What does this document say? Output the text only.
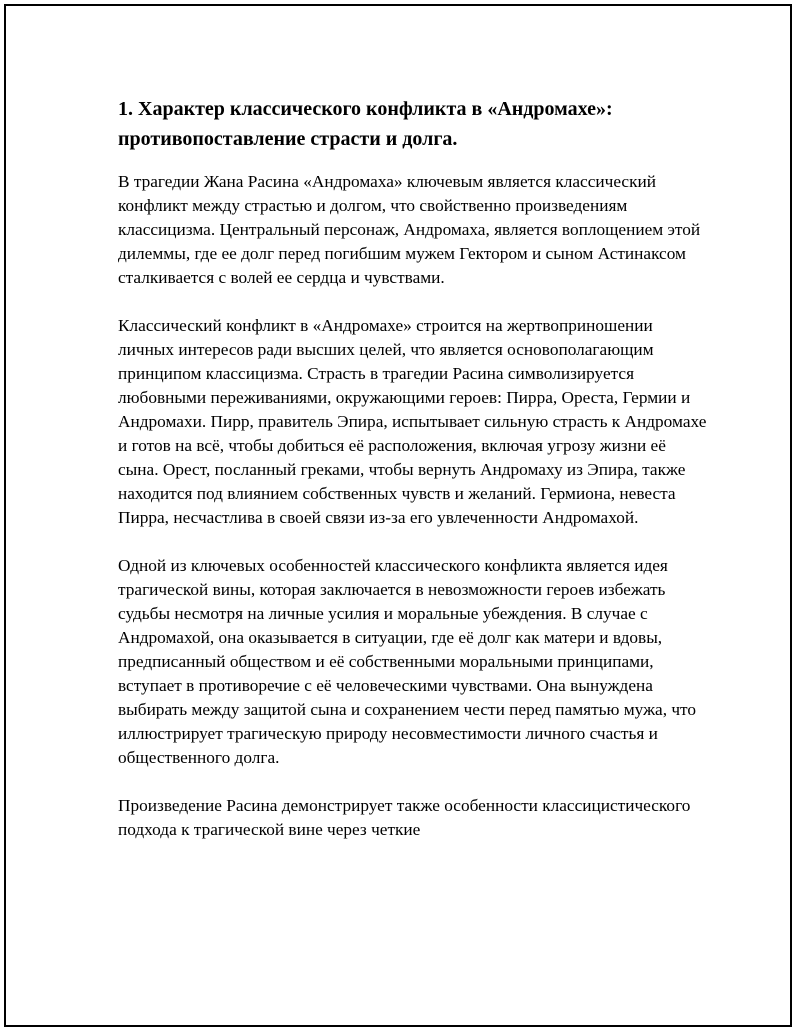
1. Характер классического конфликта в «Андромахе»: противопоставление страсти и долга.

В трагедии Жана Расина «Андромаха» ключевым является классический конфликт между страстью и долгом, что свойственно произведениям классицизма. Центральный персонаж, Андромаха, является воплощением этой дилеммы, где ее долг перед погибшим мужем Гектором и сыном Астинаксом сталкивается с волей ее сердца и чувствами.

Классический конфликт в «Андромахе» строится на жертвоприношении личных интересов ради высших целей, что является основополагающим принципом классицизма. Страсть в трагедии Расина символизируется любовными переживаниями, окружающими героев: Пирра, Ореста, Гермии и Андромахи. Пирр, правитель Эпира, испытывает сильную страсть к Андромахе и готов на всё, чтобы добиться её расположения, включая угрозу жизни её сына. Орест, посланный греками, чтобы вернуть Андромаху из Эпира, также находится под влиянием собственных чувств и желаний. Гермиона, невеста Пирра, несчастлива в своей связи из-за его увлеченности Андромахой.

Одной из ключевых особенностей классического конфликта является идея трагической вины, которая заключается в невозможности героев избежать судьбы несмотря на личные усилия и моральные убеждения. В случае с Андромахой, она оказывается в ситуации, где её долг как матери и вдовы, предписанный обществом и её собственными моральными принципами, вступает в противоречие с её человеческими чувствами. Она вынуждена выбирать между защитой сына и сохранением чести перед памятью мужа, что иллюстрирует трагическую природу несовместимости личного счастья и общественного долга.

Произведение Расина демонстрирует также особенности классицистического подхода к трагической вине через четкие
